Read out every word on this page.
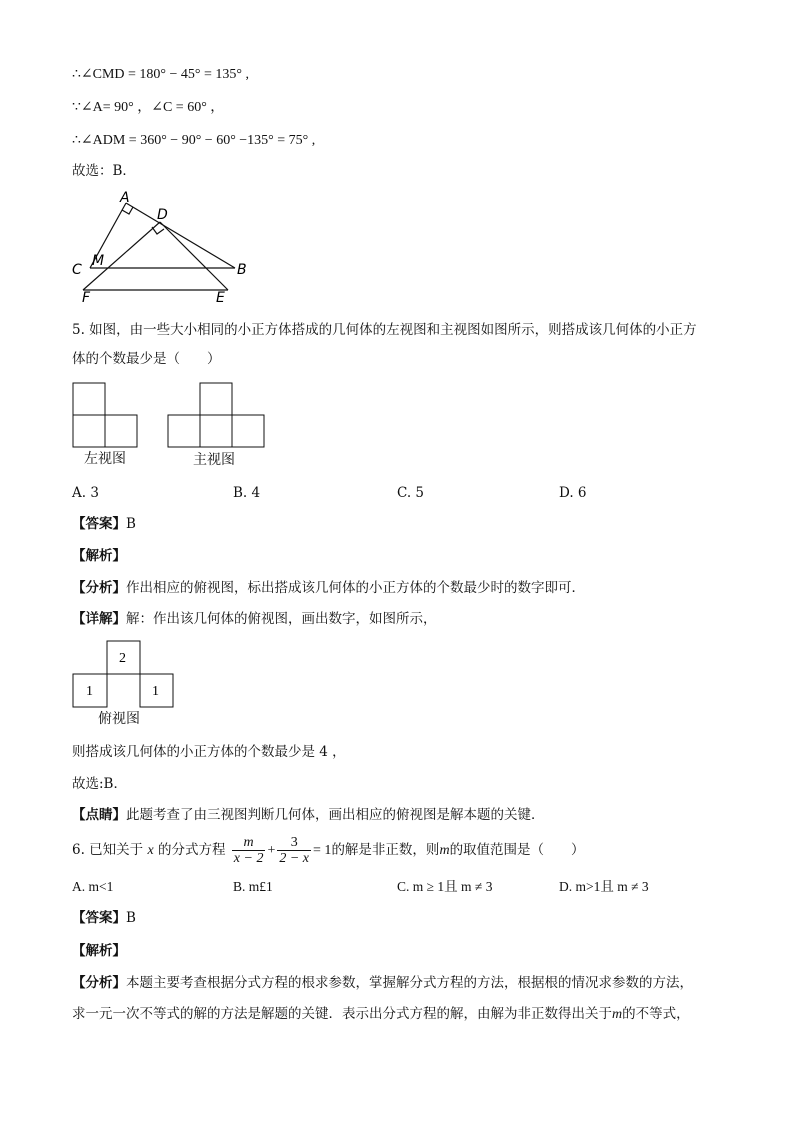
∴∠CMD = 180° − 45° = 135° ,
∵∠A= 90° ，∠C = 60° ，
∴∠ADM = 360° − 90° − 60° −135° = 75° ,
故选：B．
A
D
C
M
B
F	E
5. 如图，由一些大小相同的小正方体搭成的几何体的左视图和主视图如图所示，则搭成该几何体的小正方
体的个数最少是（　　）
左视图	主视图
A. 3	B. 4	C. 5	D. 6
【答案】B
【解析】
【分析】作出相应的俯视图，标出搭成该几何体的小正方体的个数最少时的数字即可．
【详解】解：作出该几何体的俯视图，画出数字，如图所示，
2
1	1
俯视图
则搭成该几何体的小正方体的个数最少是 4 ，
故选:B．
【点睛】此题考查了由三视图判断几何体，画出相应的俯视图是解本题的关键．
6. 已知关于 x 的分式方程 $\frac{m}{x - 2} + \frac{3}{2 - x} = 1$的解是非正数，则m的取值范围是（　　）
A. m<1	B. m£1	C. m ≥ 1且 m ≠ 3	D. m>1且 m ≠ 3
【答案】B
【解析】
【分析】本题主要考查根据分式方程的根求参数，掌握解分式方程的方法，根据根的情况求参数的方法，
求一元一次不等式的解的方法是解题的关键．表示出分式方程的解，由解为非正数得出关于m的不等式，
